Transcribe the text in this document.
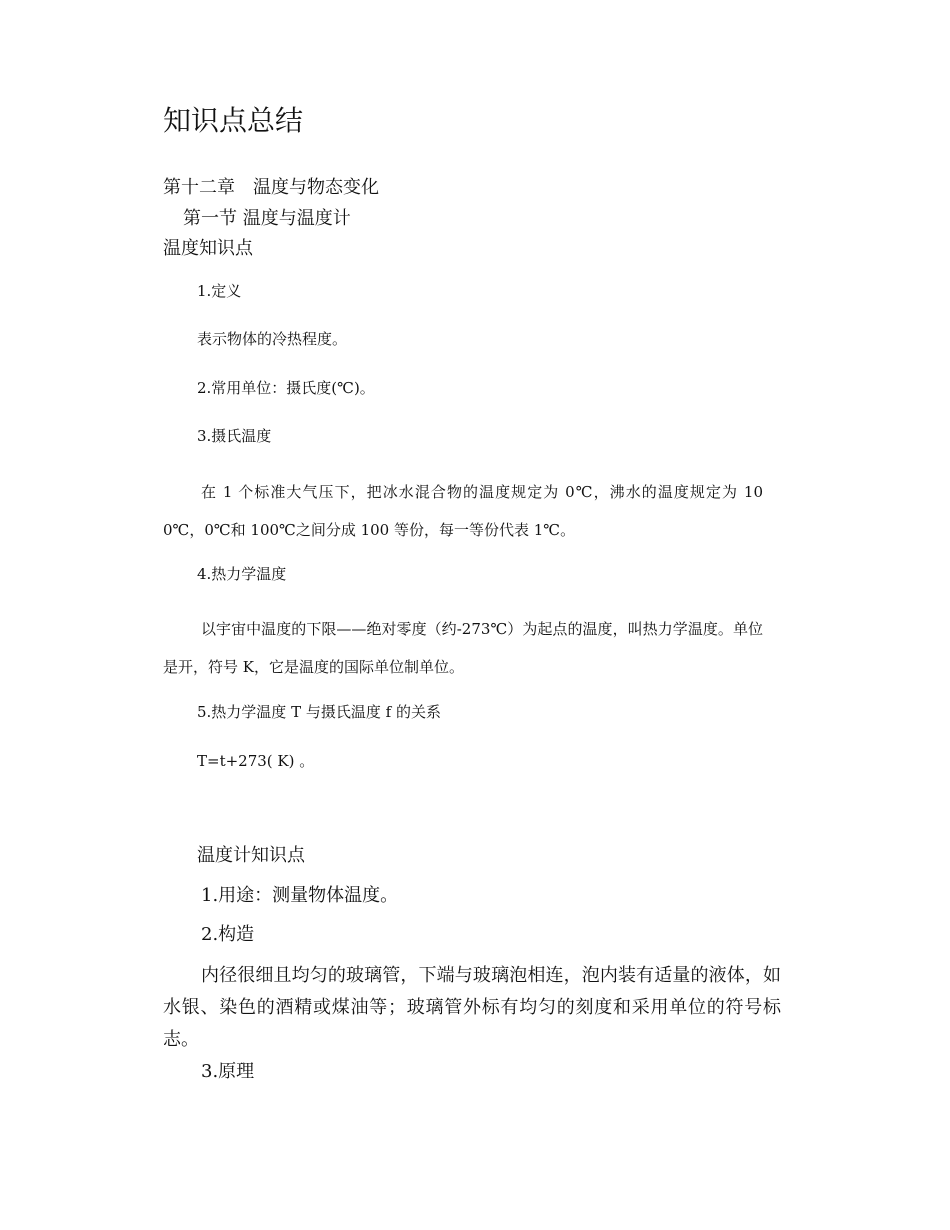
知识点总结
第十二章　温度与物态变化
第一节 温度与温度计
温度知识点
1.定义
表示物体的冷热程度。
2.常用单位：摄氏度(℃)。
3.摄氏温度

在 1 个标准大气压下，把冰水混合物的温度规定为 0℃，沸水的温度规定为 100℃，0℃和 100℃之间分成 100 等份，每一等份代表 1℃。

4.热力学温度

以宇宙中温度的下限——绝对零度（约-273℃）为起点的温度，叫热力学温度。单位是开，符号 K，它是温度的国际单位制单位。

5.热力学温度 T 与摄氏温度 f 的关系
T=t+273( K) 。
温度计知识点
1.用途：测量物体温度。
2.构造

内径很细且均匀的玻璃管，下端与玻璃泡相连，泡内装有适量的液体，如水银、染色的酒精或煤油等；玻璃管外标有均匀的刻度和采用单位的符号标志。

3.原理
